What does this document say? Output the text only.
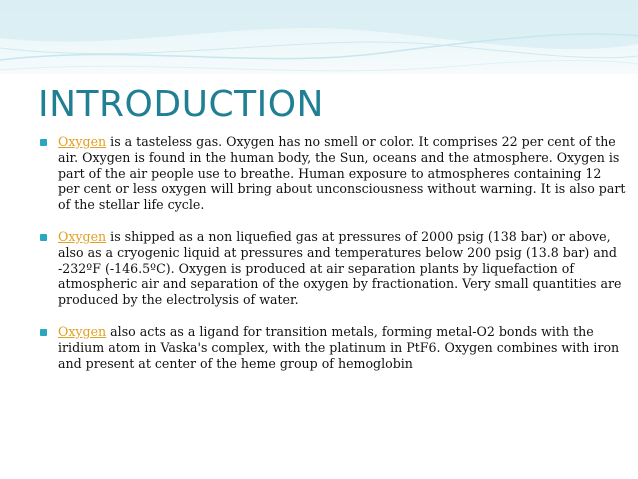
INTRODUCTION
Oxygen is a tasteless gas. Oxygen has no smell or color. It comprises 22 per cent of the air. Oxygen is found in the human body, the Sun, oceans and the atmosphere. Oxygen is part of the air people use to breathe. Human exposure to atmospheres containing 12 per cent or less oxygen will bring about unconsciousness without warning. It is also part of the stellar life cycle.
Oxygen is shipped as a non liquefied gas at pressures of 2000 psig (138 bar) or above, also as a cryogenic liquid at pressures and temperatures below 200 psig (13.8 bar) and -232ºF (-146.5ºC). Oxygen is produced at air separation plants by liquefaction of atmospheric air and separation of the oxygen by fractionation. Very small quantities are produced by the electrolysis of water.
Oxygen also acts as a ligand for transition metals, forming metal-O2 bonds with the iridium atom in Vaska's complex, with the platinum in PtF6. Oxygen combines with iron and present at center of the heme group of hemoglobin
